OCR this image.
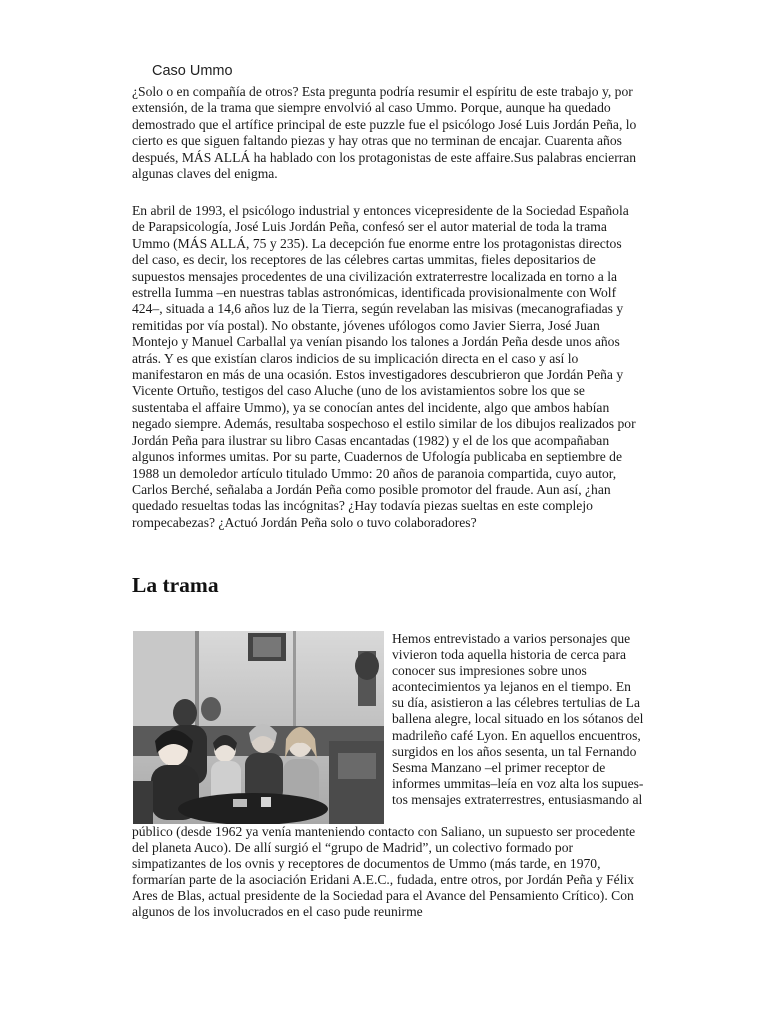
Caso Ummo

¿Solo o en compañía de otros? Esta pregunta podría resumir el espíritu de este trabajo y, por extensión, de la trama que siempre envolvió al caso Ummo. Porque, aunque ha quedado demostrado que el artífice principal de este puzzle fue el psicólogo José Luis Jordán Peña, lo cierto es que siguen faltando piezas y hay otras que no terminan de encajar. Cuarenta años después, MÁS ALLÁ ha hablado con los protagonistas de este affaire.Sus palabras encierran algunas claves del enigma.

En abril de 1993, el psicólogo industrial y entonces vicepresidente de la Sociedad Española de Parapsicología, José Luis Jordán Peña, confesó ser el autor material de toda la trama Ummo (MÁS ALLÁ, 75 y 235). La decepción fue enorme entre los protagonistas directos del caso, es decir, los receptores de las célebres cartas ummitas, fieles depositarios de supuestos mensajes procedentes de una civilización extraterrestre localizada en torno a la estrella Iumma –en nuestras tablas astronómicas, identificada provisionalmente con Wolf 424–, situada a 14,6 años luz de la Tierra, según revelaban las misivas (mecanografiadas y remitidas por vía postal). No obstante, jóvenes ufólogos como Javier Sierra, José Juan Montejo y Manuel Carballal ya venían pisando los talones a Jordán Peña desde unos años atrás. Y es que existían claros indicios de su implicación directa en el caso y así lo manifestaron en más de una ocasión. Estos investigadores descubrieron que Jordán Peña y Vicente Ortuño, testigos del caso Aluche (uno de los avistamientos sobre los que se sustentaba el affaire Ummo), ya se conocían antes del incidente, algo que ambos habían negado siempre. Además, resultaba sospechoso el estilo similar de los dibujos realizados por Jordán Peña para ilustrar su libro Casas encantadas (1982) y el de los que acompañaban algunos informes umitas. Por su parte, Cuadernos de Ufología publicaba en septiembre de 1988 un demoledor artículo titulado Ummo: 20 años de paranoia compartida, cuyo autor, Carlos Berché, señalaba a Jordán Peña como posible promotor del fraude. Aun así, ¿han quedado resueltas todas las incógnitas? ¿Hay todavía piezas sueltas en este complejo rompecabezas? ¿Actuó Jordán Peña solo o tuvo colaboradores?

La trama

Hemos entrevistado a varios personajes que vivieron toda aquella historia de cerca para conocer sus impresiones sobre unos acontecimientos ya lejanos en el tiempo. En su día, asistieron a las célebres tertulias de La ballena alegre, local situado en los sótanos del madrileño café Lyon. En aquellos encuentros, surgidos en los años sesenta, un tal Fernando Sesma Manzano –el primer receptor de informes ummitas–leía en voz alta los supues- tos mensajes extraterrestres, entusiasmando al

público (desde 1962 ya venía manteniendo contacto con Saliano, un supuesto ser procedente del planeta Auco). De allí surgió el “grupo de Madrid”, un colectivo formado por simpatizantes de los ovnis y receptores de documentos de Ummo (más tarde, en 1970, formarían parte de la asociación Eridani A.E.C., fudada, entre otros, por Jordán Peña y Félix Ares de Blas, actual presidente de la Sociedad para el Avance del Pensamiento Crítico). Con algunos de los involucrados en el caso pude reunirme
